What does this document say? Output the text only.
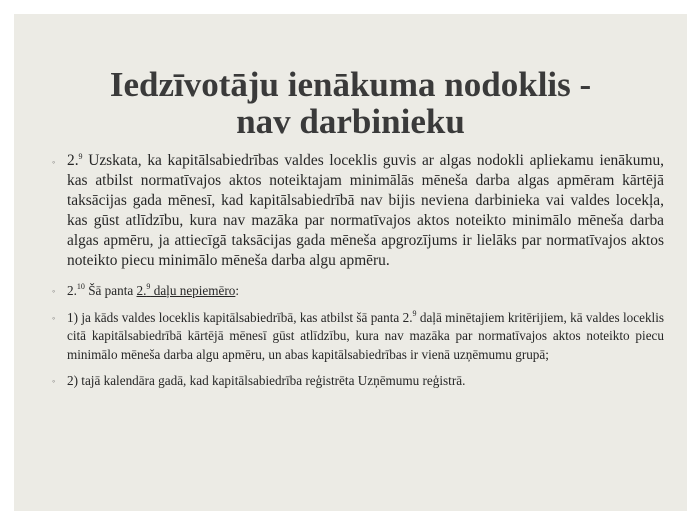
Iedzīvotāju ienākuma nodoklis -
nav darbinieku
◦ 2.$^9$ Uzskata, ka kapitālsabiedrības valdes loceklis guvis ar algas nodokli apliekamu ienākumu, kas atbilst normatīvajos aktos noteiktajam minimālās mēneša darba algas apmēram kārtējā taksācijas gada mēnesī, kad kapitālsabiedrībā nav bijis neviena darbinieka vai valdes locekļa, kas gūst atlīdzību, kura nav mazāka par normatīvajos aktos noteikto minimālo mēneša darba algas apmēru, ja attiecīgā taksācijas gada mēneša apgrozījums ir lielāks par normatīvajos aktos noteikto piecu minimālo mēneša darba algu apmēru.
◦ 2.10 Šā panta 2.$^9$ daļu nepiemēro:
◦ 1) ja kāds valdes loceklis kapitālsabiedrībā, kas atbilst šā panta 2.$^9$ daļā minētajiem kritērijiem, kā valdes loceklis citā kapitālsabiedrībā kārtējā mēnesī gūst atlīdzību, kura nav mazāka par normatīvajos aktos noteikto piecu minimālo mēneša darba algu apmēru, un abas kapitālsabiedrības ir vienā uzņēmumu grupā;
◦ 2) tajā kalendāra gadā, kad kapitālsabiedrība reģistrēta Uzņēmumu reģistrā.
